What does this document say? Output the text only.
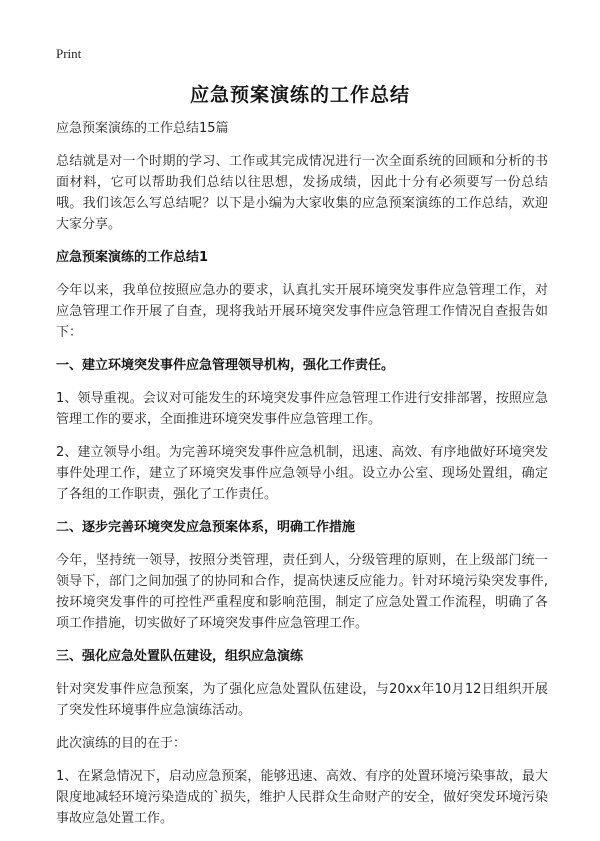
Print
应急预案演练的工作总结

应急预案演练的工作总结15篇

总结就是对一个时期的学习、工作或其完成情况进行一次全面系统的回顾和分析的书面材料，它可以帮助我们总结以往思想，发扬成绩，因此十分有必须要写一份总结哦。我们该怎么写总结呢？以下是小编为大家收集的应急预案演练的工作总结，欢迎大家分享。

应急预案演练的工作总结1

今年以来，我单位按照应急办的要求，认真扎实开展环境突发事件应急管理工作，对应急管理工作开展了自查，现将我站开展环境突发事件应急管理工作情况自查报告如下：

一、建立环境突发事件应急管理领导机构，强化工作责任。

1、领导重视。会议对可能发生的环境突发事件应急管理工作进行安排部署，按照应急管理工作的要求，全面推进环境突发事件应急管理工作。

2、建立领导小组。为完善环境突发事件应急机制，迅速、高效、有序地做好环境突发事件处理工作，建立了环境突发事件应急领导小组。设立办公室、现场处置组，确定了各组的工作职责，强化了工作责任。

二、逐步完善环境突发应急预案体系，明确工作措施

今年，坚持统一领导，按照分类管理，责任到人，分级管理的原则，在上级部门统一领导下，部门之间加强了的协同和合作，提高快速反应能力。针对环境污染突发事件,按环境突发事件的可控性严重程度和影响范围，制定了应急处置工作流程，明确了各项工作措施，切实做好了环境突发事件应急管理工作。

三、强化应急处置队伍建设，组织应急演练

针对突发事件应急预案，为了强化应急处置队伍建设，与20xx年10月12日组织开展了突发性环境事件应急演练活动。

此次演练的目的在于：

1、在紧急情况下，启动应急预案，能够迅速、高效、有序的处置环境污染事故，最大限度地减轻环境污染造成的`损失，维护人民群众生命财产的安全，做好突发环境污染事故应急处置工作。
